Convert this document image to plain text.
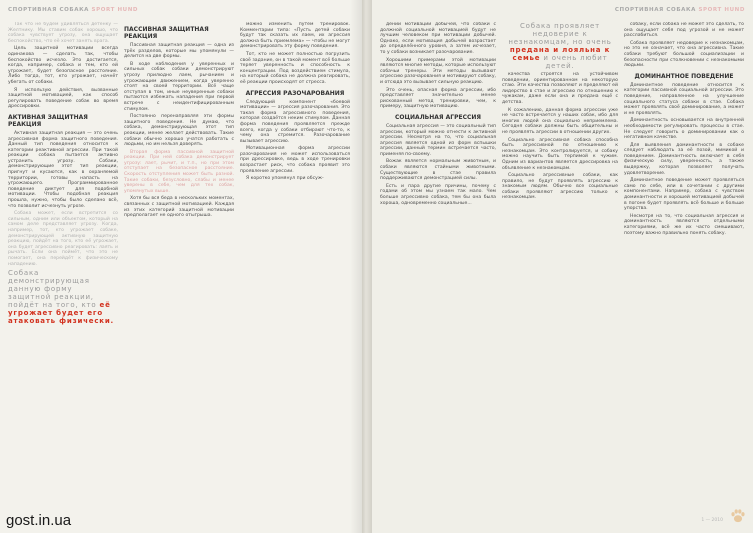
СПОРТИВНАЯ СОБАКА SPORT HUND

Так что не будем удивляться детёнку — Желтнику. Мы ставим собак хорошо, что собака чувствует угрозу, она ощущает беспокойство, что её хочет занять врага.

Цель защитной мотивации всегда одинакова — сделать так, чтобы беспокойство исчезло. Это достигается, когда, например, собака и тем, кто ей угрожает, будет безопасное расстояние. Либо тогда, тот, кто угрожает, начнёт убегать от собаки.

Я использую действия, вызванные защитной мотивацией, как способ регулировать поведение собак во время дрессировки.

АКТИВНАЯ ЗАЩИТНАЯ РЕАКЦИЯ

Активная защитная реакция — это очень агрессивная форма защитного поведения. Данный тип поведения относится к категории реактивной агрессии. При такой реакции собака пытается активно устранить угрозу. Собаки, демонстрирующие этот тип реакции, пригнут и кусаются, как в охраняемой территории, готовы напасть на угрожающего. Программированное поведение диктует для подобной мотивации. Чтобы подобная реакция прошла, нужно, чтобы было сделано всё, что позволит исчезнуть угрозе.

Собака может, если встретится со сильным, одним или объектом, который на самом деле представляет угрозу. Когда, например, тот, кто угрожает собаке, демонстрирующей активную защитную реакцию, пойдёт на того, кто её угрожает, она будет агрессивно реагировать: лаять и рычать. Если она поймёт, что это не помогает, она перейдёт к физическому нападению.

Собака демонстрирующая данную форму защитной реакции, пойдёт на того, кто её угрожает будет его атаковать физически.

ПАССИВНАЯ ЗАЩИТНАЯ РЕАКЦИЯ

Пассивная защитная реакция — одна из трёх разделов, которые мы упомянули — делится на две формы.

В ходе наблюдения у уверенных и сильных собак собаки демонстрируют угрозу прилюдно лаем, рычанием и угрожающим движением, когда уверенно стоят на своей территории. Всё чаще отступая в том, иные неуверенные собаки пытаются избежать нападения при первой встрече с неидентифицированным стимулом.

Постоянно перенаправляя эти формы защитного поведения. Не думаю, что собака, демонстрирующая этот тип реакции, менее желает действовать. Такие собаки обычно хорошо учатся работать с людьми, но им нельзя доверять.

Вторая форма пассивной защитной реакции. При ней собака демонстрирует угрозу: лает, рычит, и т.п., но при этом отступает на безопасное расстояние. Скорость отступления может быть разной. Такие собаки, безусловно, слабы и менее уверены в себе, чем для тех собак, упомянутых выше.

Хотя бы вся беда в нескольких моментах, связанных с защитной мотивацией. Каждая из этих категорий защитной мотивации предполагает не одного отыгрыша.

можно изменить путём тренировок. Комментарии типа: «Пусть детей собаки будут так сказать их лаем, их агрессия должна быть приемлема» — чтобы не могут демонстрировать эту форму поведения.

Тот, кто не может полностью погрузить своё задание, он в такой момент всё больше теряет уверенность и способность к концентрации. Под воздействием стимула, на который собака не должна реагировать, её реакции происходят от стресса.

АГРЕССИЯ РАЗОЧАРОВАНИЯ

Следующий компонент «боевой мотивации» — агрессия разочарования. Это такая форма агрессивного поведения, которая создаётся неким стимулом. Данная форма поведения проявляется прежде всего, когда у собаки отбирают что-то, к чему она стремится. Разочарование вызывает агрессию.

Мотивационная форма агрессии разочарования не может использоваться при дрессировке, ведь в ходе тренировки возрастает риск, что собака проявит это проявление агрессии.

Я коротко упомянул при обсуж-

gost.in.ua
СПОРТИВНАЯ СОБАКА SPORT HUND

дении мотивации добычей, что собаки с должной социальной мотивацией будут не лучшим человеком при мотивации добычей. Однако, если мотивация добычей возрастает до определённого уровня, а затем исчезает, то у собаки возникает разочарование.

Хорошими примерами этой мотивации являются многие методы, которые используют собачьи тренеры. Эти методы вызывают агрессию разочарования и мотивируют собаку, и отсюда это вызывает сильную реакцию.

Это очень, опасная форма агрессии, ибо представляет значительно менее рискованный метод тренировки, чем, к примеру, защитную мотивацию.

СОЦИАЛЬНАЯ АГРЕССИЯ

Социальная агрессия — это социальный тип агрессии, который можно отнести к активной агрессии. Несмотря на то, что социальная агрессия является одной из форм вспышки агрессии, данный термин встречается часто, применяя по-своему.

Вожак является нормальным животным, и собаки являются стайными животными. Существующие в стае правила поддерживаются демонстрацией силы.

Есть и пара другие причины, почему с годами об этом мы узнаем так мало. Чем больше агрессивно собака, тем бы она была хороша, одновременно социальные...

Собака проявляет недоверие к незнакомцам, но очень предана и лояльна к семье и очень любит детей.

качества строятся на устойчивом поведении, ориентированном на некоторую стаю. Эти качества позволяют и пределяют ей лидерство в стае и агрессию по отношению к чужакам, даже если она и предана ещё с детства.

К сожалению, данная форма агрессии уже не часто встречается у наших собак, ибо для многих людей она социально неприемлема. Сегодня собаки должны быть общительны и не проявлять агрессии в отношении других.

Социально агрессивная собака способна быть агрессивной по отношению к незнакомцам. Это контролируется, и собаку можно научить быть терпимой к чужим. Одним из вариантов является дрессировка на объявление к незнакомцам.

Социально агрессивные собаки, как правило, не будут проявлять агрессию к знакомым людям. Обычно все социальные собаки проявляют агрессию только к незнакомцам.

собаку, если собака не может это сделать, то она ощущает себя под угрозой и не может расслабиться.

Собака проявляет недоверие к незнакомцам, но это не означает, что она агрессивна. Такие собаки требуют большой социализации и безопасности при столкновении с незнакомыми людьми.

ДОМИНАНТНОЕ ПОВЕДЕНИЕ

Доминантное поведение относится к категории пассивной социальной агрессии. Это поведение, направленное на улучшение социального статуса собаки в стае. Собака может проявлять своё доминирование, а может и не проявлять.

Доминантность основывается на внутренней необходимости регулировать процессы в стае. Не следует говорить о доминировании как о негативном качестве.

Для выявления доминантности в собаке следует наблюдать за её позой, мимикой и поведением. Доминантность включает в себя физическую силу, уверенность, а также выдержку, которая позволяет получать удовлетворение.

Доминантное поведение может проявляться само по себе, или в сочетании с другими компонентами. Например, собака с чувством доминантности и хорошей мотивацией добычей в погоне будет проявлять всё больше и больше упорства.

Несмотря на то, что социальная агрессия и доминантность являются отдельными категориями, всё же их часто смешивают, поэтому важно правильно понять собаку.

1 — 2010
